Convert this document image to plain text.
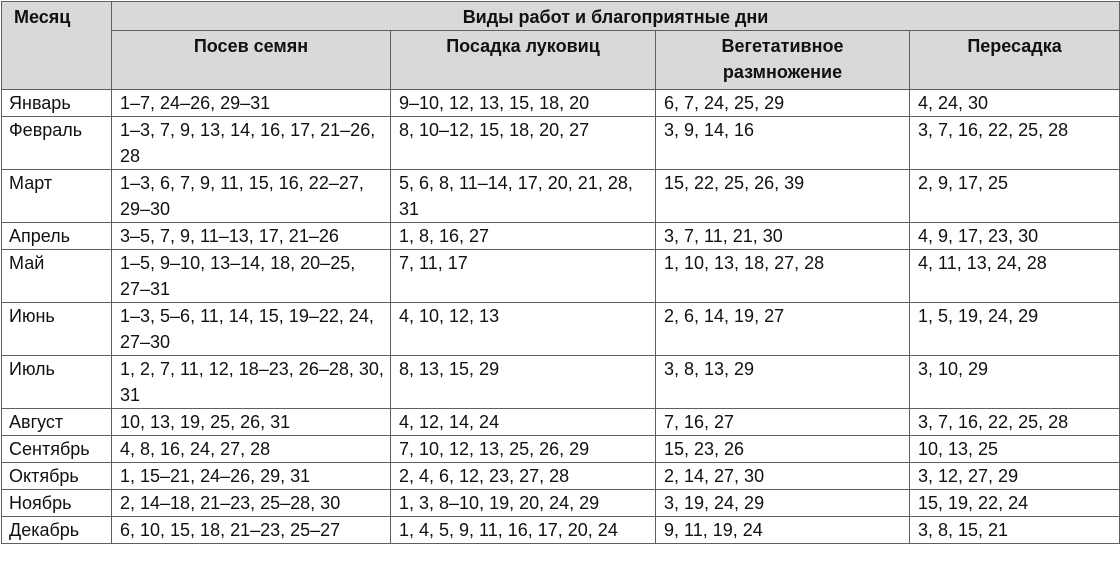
Месяц	Виды работ и благоприятные дни			
	Посев семян	Посадка луковиц	Вегетативное размножение	Пересадка
Январь	1–7, 24–26, 29–31	9–10, 12, 13, 15, 18, 20	6, 7, 24, 25, 29	4, 24, 30
Февраль	1–3, 7, 9, 13, 14, 16, 17, 21–26, 28	8, 10–12, 15, 18, 20, 27	3, 9, 14, 16	3, 7, 16, 22, 25, 28
Март	1–3, 6, 7, 9, 11, 15, 16, 22–27, 29–30	5, 6, 8, 11–14, 17, 20, 21, 28, 31	15, 22, 25, 26, 39	2, 9, 17, 25
Апрель	3–5, 7, 9, 11–13, 17, 21–26	1, 8, 16, 27	3, 7, 11, 21, 30	4, 9, 17, 23, 30
Май	1–5, 9–10, 13–14, 18, 20–25, 27–31	7, 11, 17	1, 10, 13, 18, 27, 28	4, 11, 13, 24, 28
Июнь	1–3, 5–6, 11, 14, 15, 19–22, 24, 27–30	4, 10, 12, 13	2, 6, 14, 19, 27	1, 5, 19, 24, 29
Июль	1, 2, 7, 11, 12, 18–23, 26–28, 30, 31	8, 13, 15, 29	3, 8, 13, 29	3, 10, 29
Август	10, 13, 19, 25, 26, 31	4, 12, 14, 24	7, 16, 27	3, 7, 16, 22, 25, 28
Сентябрь	4, 8, 16, 24, 27, 28	7, 10, 12, 13, 25, 26, 29	15, 23, 26	10, 13, 25
Октябрь	1, 15–21, 24–26, 29, 31	2, 4, 6, 12, 23, 27, 28	2, 14, 27, 30	3, 12, 27, 29
Ноябрь	2, 14–18, 21–23, 25–28, 30	1, 3, 8–10, 19, 20, 24, 29	3, 19, 24, 29	15, 19, 22, 24
Декабрь	6, 10, 15, 18, 21–23, 25–27	1, 4, 5, 9, 11, 16, 17, 20, 24	9, 11, 19, 24	3, 8, 15, 21
